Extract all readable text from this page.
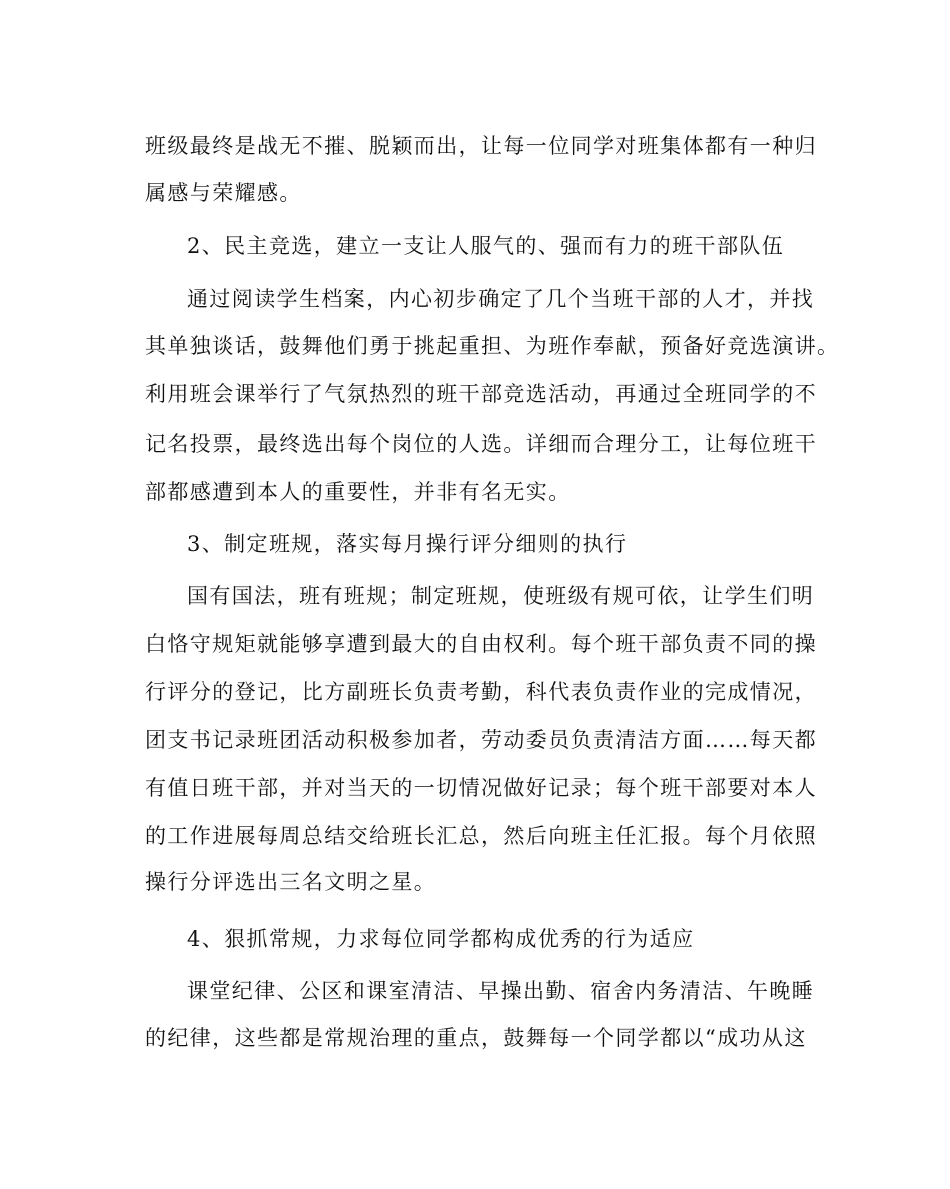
班级最终是战无不摧、脱颖而出，让每一位同学对班集体都有一种归
属感与荣耀感。
2、民主竞选，建立一支让人服气的、强而有力的班干部队伍
通过阅读学生档案，内心初步确定了几个当班干部的人才，并找
其单独谈话，鼓舞他们勇于挑起重担、为班作奉献，预备好竞选演讲。
利用班会课举行了气氛热烈的班干部竞选活动，再通过全班同学的不
记名投票，最终选出每个岗位的人选。详细而合理分工，让每位班干
部都感遭到本人的重要性，并非有名无实。
3、制定班规，落实每月操行评分细则的执行
国有国法，班有班规；制定班规，使班级有规可依，让学生们明
白恪守规矩就能够享遭到最大的自由权利。每个班干部负责不同的操
行评分的登记，比方副班长负责考勤，科代表负责作业的完成情况，
团支书记录班团活动积极参加者，劳动委员负责清洁方面……每天都
有值日班干部，并对当天的一切情况做好记录；每个班干部要对本人
的工作进展每周总结交给班长汇总，然后向班主任汇报。每个月依照
操行分评选出三名文明之星。
4、狠抓常规，力求每位同学都构成优秀的行为适应
课堂纪律、公区和课室清洁、早操出勤、宿舍内务清洁、午晚睡
的纪律，这些都是常规治理的重点，鼓舞每一个同学都以“成功从这
